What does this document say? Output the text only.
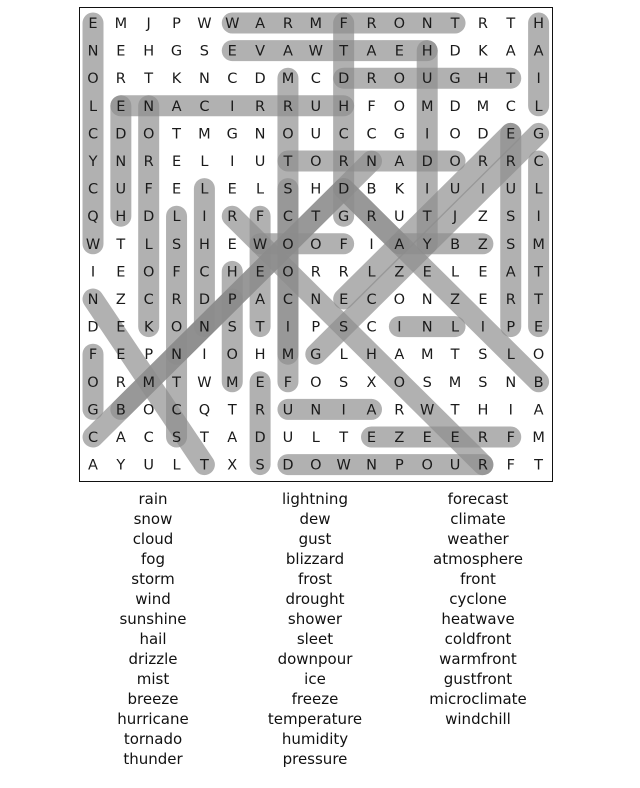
E M J P W W A R M F R O N T R T H
N E H G S E V A W T A E H D K A A
O R T K N C D M C D R O U G H T I
L E N A C I R R U H F O M D M C L
C D O T M G N O U C C G I O D E G
Y N R E L I U T O R N A D O R R C
C U F E L E L S H D B K I U I U L
Q H D L I R F C T G R U T J Z S I
W T L S H E W O O F I A Y B Z S M
I E O F C H E O R R L Z E L E A T
N Z C R D P A C N E C O N Z E R T
D E K O N S T I P S C I N L I P E
F E P N I O H M G L H A M T S L O
O R M T W M E F O S X O S M S N B
G B O C Q T R U N I A R W T H I A
C A C S T A D U L T E Z E E R F M
A Y U L T X S D O W N P O U R F T
rain
snow
cloud
fog
storm
wind
sunshine
hail
drizzle
mist
breeze
hurricane
tornado
thunder
lightning
dew
gust
blizzard
frost
drought
shower
sleet
downpour
ice
freeze
temperature
humidity
pressure
forecast
climate
weather
atmosphere
front
cyclone
heatwave
coldfront
warmfront
gustfront
microclimate
windchill
